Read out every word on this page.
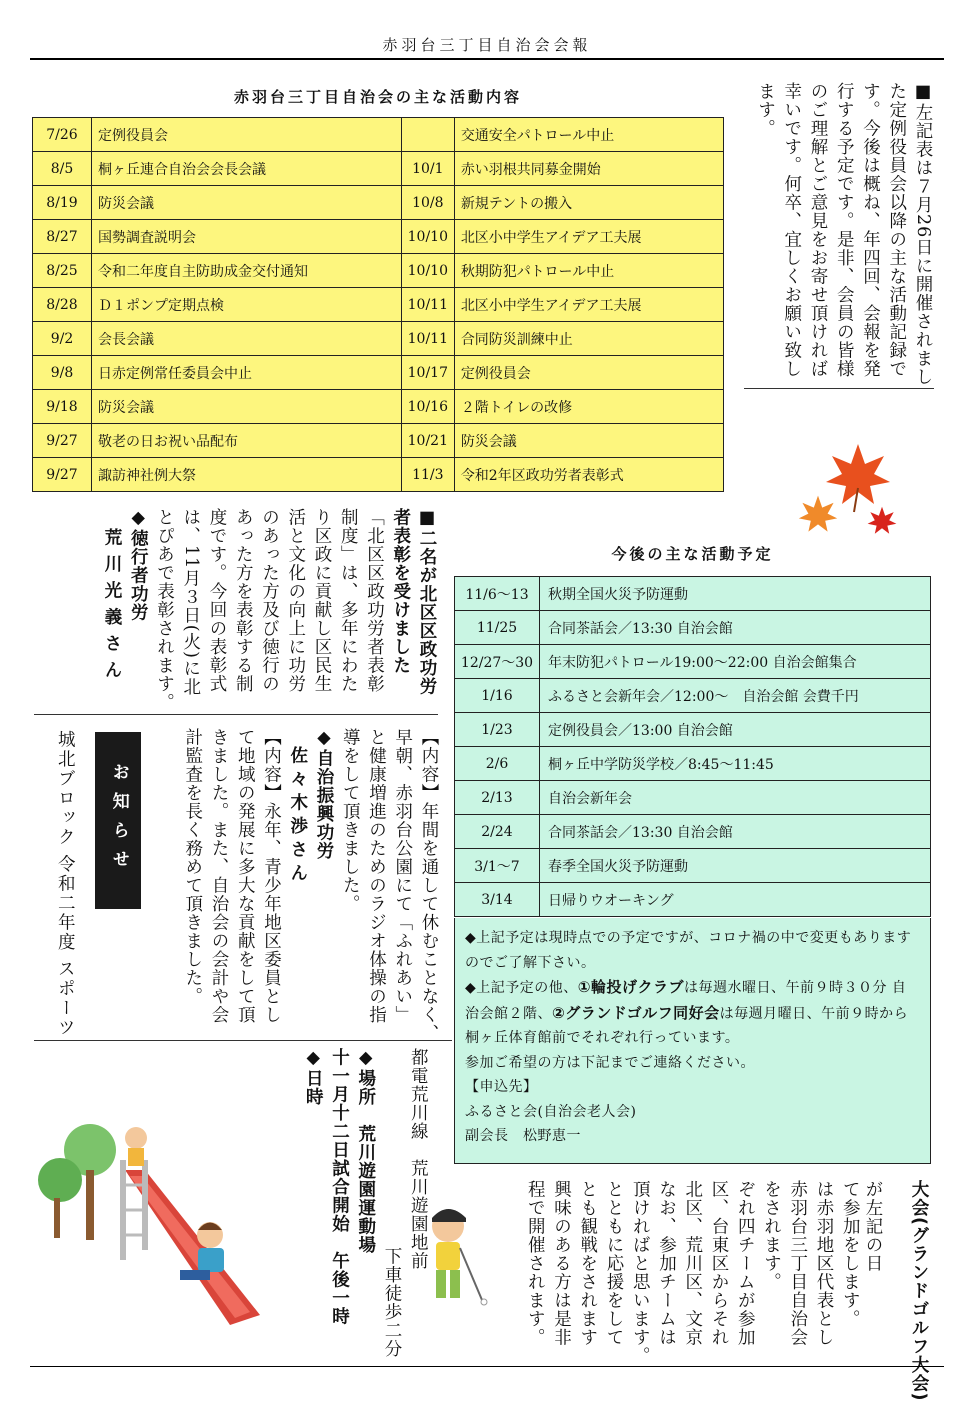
赤羽台三丁目自治会会報
赤羽台三丁目自治会の主な活動内容
7/26	定例役員会		交通安全パトロール中止
8/5	桐ヶ丘連合自治会会長会議	10/1	赤い羽根共同募金開始
8/19	防災会議	10/8	新規テントの搬入
8/27	国勢調査説明会	10/10	北区小中学生アイデア工夫展
8/25	令和二年度自主防助成金交付通知	10/10	秋期防犯パトロール中止
8/28	Ｄ１ポンプ定期点検	10/11	北区小中学生アイデア工夫展
9/2	会長会議	10/11	合同防災訓練中止
9/8	日赤定例常任委員会中止	10/17	定例役員会
9/18	防災会議	10/16	２階トイレの改修
9/27	敬老の日お祝い品配布	10/21	防災会議
9/27	諏訪神社例大祭	11/3	令和2年区政功労者表彰式

■左記表は７月26日に開催されまし

た定例役員会以降の主な活動記録で

す。今後は概ね、年四回、会報を発

行する予定です。是非、会員の皆様

のご理解とご意見をお寄せ頂ければ

幸いです。何卒、宜しくお願い致し

ます。

今後の主な活動予定
11/6～13	秋期全国火災予防運動
11/25	合同茶話会／13:30 自治会館
12/27～30	年末防犯パトロール19:00～22:00 自治会館集合
1/16	ふるさと会新年会／12:00～　自治会館 会費千円
1/23	定例役員会／13:00 自治会館
2/6	桐ヶ丘中学防災学校／8:45～11:45
2/13	自治会新年会
2/24	合同茶話会／13:30 自治会館
3/1～7	春季全国火災予防運動
3/14	日帰りウオーキング

◆上記予定は現時点での予定ですが、コロナ禍の中で変更もありますのでご了解下さい。

◆上記予定の他、①輪投げクラブは毎週水曜日、午前９時３０分 自治会館２階、②グランドゴルフ同好会は毎週月曜日、午前９時から桐ヶ丘体育館前でそれぞれ行っています。

参加ご希望の方は下記までご連絡ください。

【申込先】

ふるさと会(自治会老人会)

副会長　松野恵一

■二名が北区区政功労

者表彰を受けました

「北区区政功労者表彰

制度」は、多年にわた

り区政に貢献し区民生

活と文化の向上に功労

のあった方及び徳行の

あった方を表彰する制

度です。今回の表彰式

は、11月３日(火)に北

とぴあで表彰されます。

◆徳行者功労

荒川光義さん

【内容】年間を通して休むことなく、

早朝、赤羽台公園にて「ふれあい」

と健康増進のためのラジオ体操の指

導をして頂きました。

◆自治振興功労

佐々木渉さん

【内容】永年、青少年地区委員とし

て地域の発展に多大な貢献をして頂

きました。また、自治会の会計や会

計監査を長く務めて頂きました。

お知らせ
城北ブロック 令和二年度 スポーツ

て参加をします。

は赤羽地区代表とし

赤羽台三丁目自治会

をされます。

ぞれ四チームが参加

区、台東区からそれ

北区、荒川区、文京

なお、参加チームは

頂ければと思います。

とともに応援をして

とも観戦をされます

興味のある方は是非

程で開催されます。	大会(グランドゴルフ大会)

が左記の日

都電荒川線　荒川遊園地前
下車徒歩二分

◆場所　荒川遊園運動場

十一月十二日試合開始　午後一時

◆日時
